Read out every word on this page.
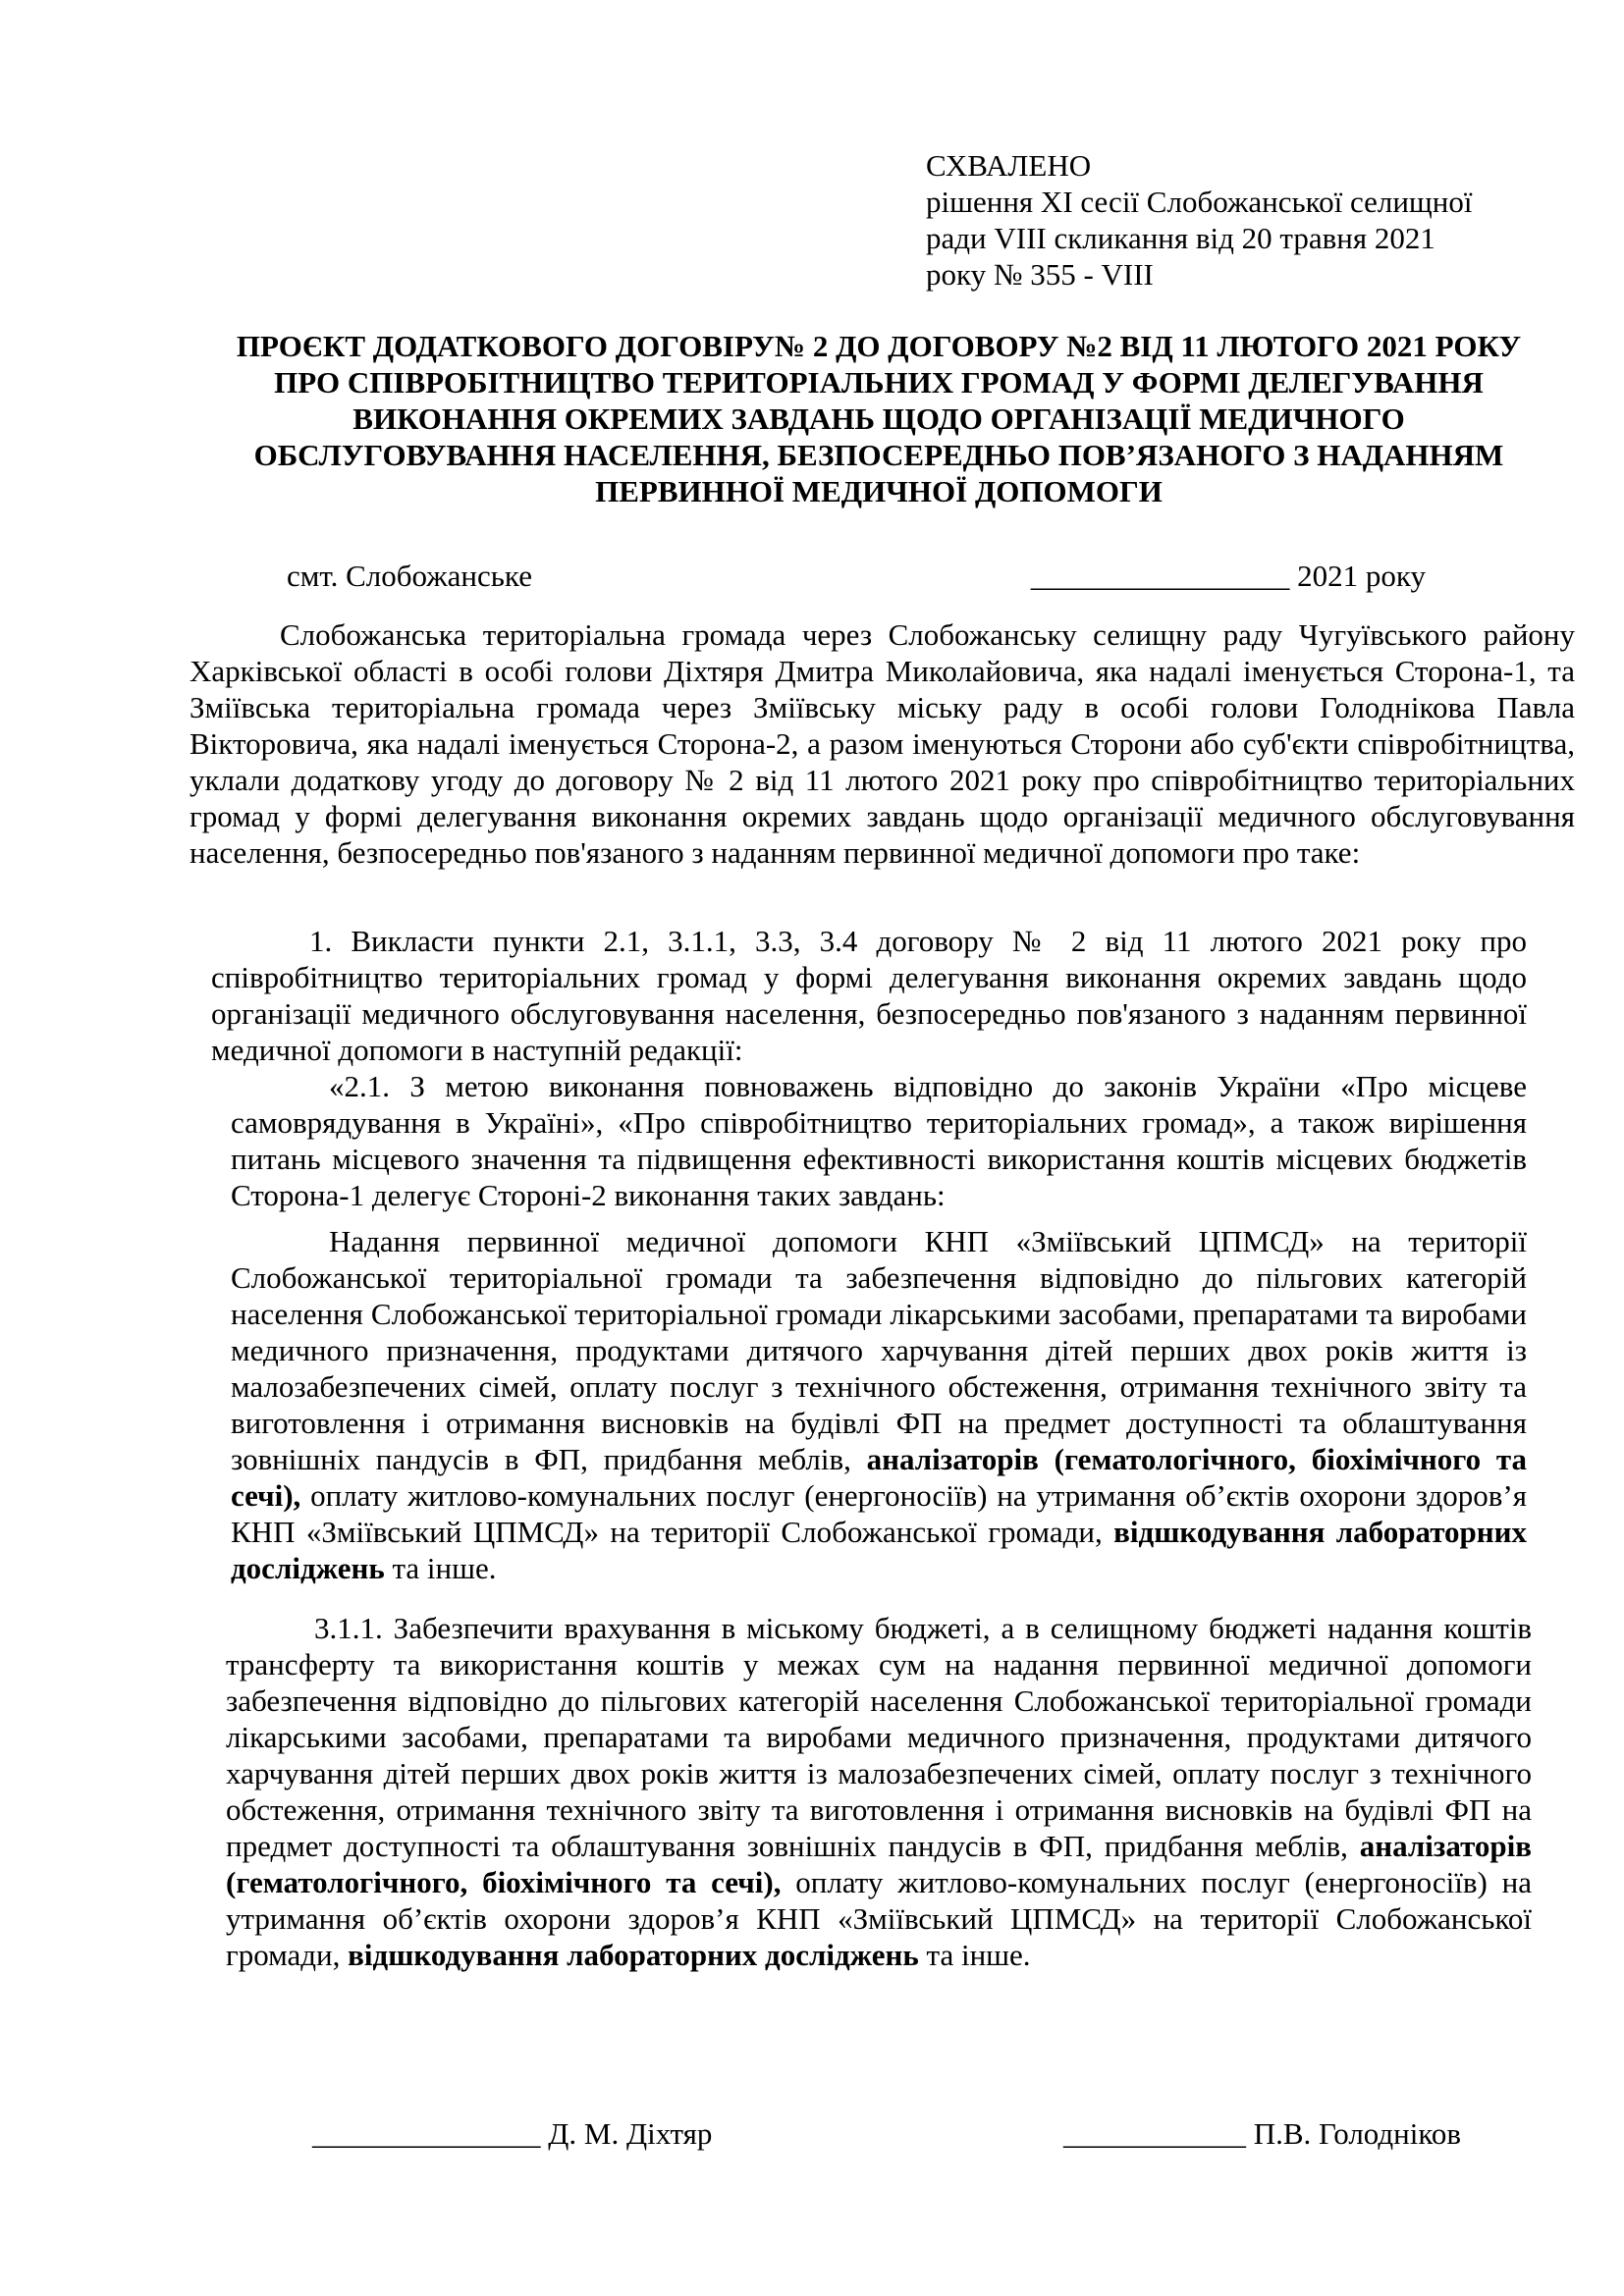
СХВАЛЕНО
рішення XI сесії Слобожанської селищної
ради VIII скликання від 20 травня 2021
року № 355 - VIII
ПРОЄКТ ДОДАТКОВОГО ДОГОВІРУ№ 2 ДО ДОГОВОРУ №2 ВІД 11 ЛЮТОГО 2021 РОКУ ПРО СПІВРОБІТНИЦТВО ТЕРИТОРІАЛЬНИХ ГРОМАД У ФОРМІ ДЕЛЕГУВАННЯ ВИКОНАННЯ ОКРЕМИХ ЗАВДАНЬ ЩОДО ОРГАНІЗАЦІЇ МЕДИЧНОГО ОБСЛУГОВУВАННЯ НАСЕЛЕННЯ, БЕЗПОСЕРЕДНЬО ПОВ’ЯЗАНОГО З НАДАННЯМ ПЕРВИННОЇ МЕДИЧНОЇ ДОПОМОГИ
смт. Слобожанське	_________________ 2021 року

Слобожанська територіальна громада через Слобожанську селищну раду Чугуївського району Харківської області в особі голови Діхтяря Дмитра Миколайовича, яка надалі іменується Сторона-1, та Зміївська територіальна громада через Зміївську міську раду в особі голови Голоднікова Павла Вікторовича, яка надалі іменується Сторона-2, а разом іменуються Сторони або суб'єкти співробітництва, уклали додаткову угоду до договору № 2 від 11 лютого 2021 року про співробітництво територіальних громад у формі делегування виконання окремих завдань щодо організації медичного обслуговування населення, безпосередньо пов'язаного з наданням первинної медичної допомоги про таке:

1. Викласти пункти 2.1, 3.1.1, 3.3, 3.4 договору № 2 від 11 лютого 2021 року про співробітництво територіальних громад у формі делегування виконання окремих завдань щодо організації медичного обслуговування населення, безпосередньо пов'язаного з наданням первинної медичної допомоги в наступній редакції:

«2.1. З метою виконання повноважень відповідно до законів України «Про місцеве самоврядування в Україні», «Про співробітництво територіальних громад», а також вирішення питань місцевого значення та підвищення ефективності використання коштів місцевих бюджетів Сторона-1 делегує Стороні-2 виконання таких завдань:

Надання первинної медичної допомоги КНП «Зміївський ЦПМСД» на території Слобожанської територіальної громади та забезпечення відповідно до пільгових категорій населення Слобожанської територіальної громади лікарськими засобами, препаратами та виробами медичного призначення, продуктами дитячого харчування дітей перших двох років життя із малозабезпечених сімей, оплату послуг з технічного обстеження, отримання технічного звіту та виготовлення і отримання висновків на будівлі ФП на предмет доступності та облаштування зовнішніх пандусів в ФП, придбання меблів, аналізаторів (гематологічного, біохімічного та сечі), оплату житлово-комунальних послуг (енергоносіїв) на утримання об’єктів охорони здоров’я КНП «Зміївський ЦПМСД» на території Слобожанської громади, відшкодування лабораторних досліджень та інше.

3.1.1. Забезпечити врахування в міському бюджеті, а в селищному бюджеті надання коштів трансферту та використання коштів у межах сум на надання первинної медичної допомоги забезпечення відповідно до пільгових категорій населення Слобожанської територіальної громади лікарськими засобами, препаратами та виробами медичного призначення, продуктами дитячого харчування дітей перших двох років життя із малозабезпечених сімей, оплату послуг з технічного обстеження, отримання технічного звіту та виготовлення і отримання висновків на будівлі ФП на предмет доступності та облаштування зовнішніх пандусів в ФП, придбання меблів, аналізаторів (гематологічного, біохімічного та сечі), оплату житлово-комунальних послуг (енергоносіїв) на утримання об’єктів охорони здоров’я КНП «Зміївський ЦПМСД» на території Слобожанської громади, відшкодування лабораторних досліджень та інше.

_______________ Д. М. Діхтяр	____________ П.В. Голодніков
